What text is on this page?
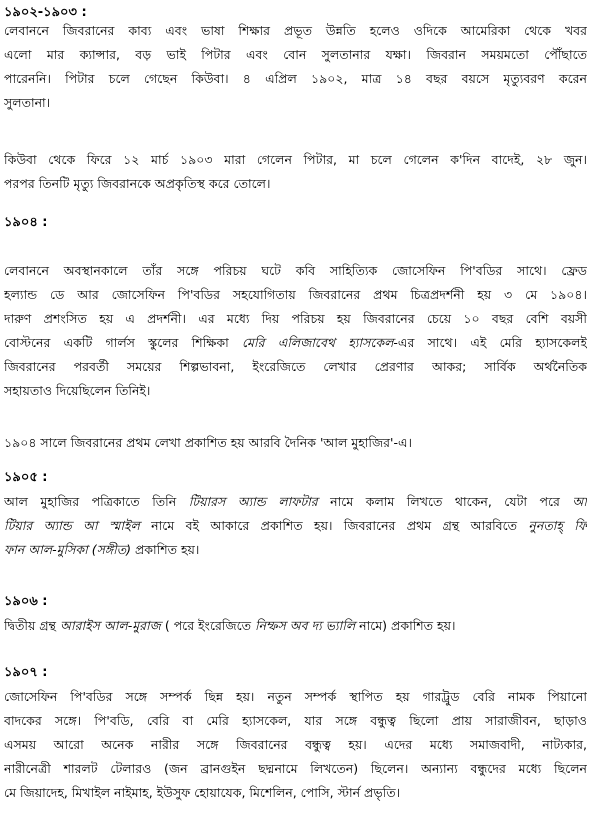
১৯০২-১৯০৩ :
লেবাননে জিবরানের কাব্য এবং ভাষা শিক্ষার প্রভূত উন্নতি হলেও ওদিকে আমেরিকা থেকে খবর
এলো মার ক্যান্সার, বড় ভাই পিটার এবং বোন সুলতানার যক্ষা। জিবরান সময়মতো পৌঁছাতে
পারেননি। পিটার চলে গেছেন কিউবা। ৪ এপ্রিল ১৯০২, মাত্র ১৪ বছর বয়সে মৃত্যুবরণ করেন
সুলতানা।
কিউবা থেকে ফিরে ১২ মার্চ ১৯০৩ মারা গেলেন পিটার, মা চলে গেলেন ক'দিন বাদেই, ২৮ জুন।
পরপর তিনটি মৃত্যু জিবরানকে অপ্রকৃতিস্থ করে তোলে।
১৯০৪ :
লেবাননে অবস্থানকালে তাঁর সঙ্গে পরিচয় ঘটে কবি সাহিত্যিক জোসেফিন পি'বডির সাথে। ফ্রেড
হল্যান্ড ডে আর জোসেফিন পি'বডির সহযোগিতায় জিবরানের প্রথম চিত্রপ্রদর্শনী হয় ৩ মে ১৯০৪।
দারুণ প্রশংসিত হয় এ প্রদর্শনী। এর মধ্যে দিয় পরিচয় হয় জিবরানের চেয়ে ১০ বছর বেশি বয়সী
বোস্টনের একটি গার্লস স্কুলের শিক্ষিকা মেরি এলিজাবেথ হ্যাসকেল-এর সাথে। এই মেরি হ্যাসকেলই
জিবরানের পরবর্তী সময়ের শিল্পভাবনা, ইংরেজিতে লেখার প্রেরণার আকর; সার্বিক অর্থনৈতিক
সহায়তাও দিয়েছিলেন তিনিই।
১৯০৪ সালে জিবরানের প্রথম লেখা প্রকাশিত হয় আরবি দৈনিক 'আল মুহাজির'-এ।
১৯০৫ :
আল মুহাজির পত্রিকাতে তিনি টিয়ারস অ্যান্ড লাফটার নামে কলাম লিখতে থাকেন, যেটা পরে আ
টিয়ার অ্যান্ড আ স্মাইল নামে বই আকারে প্রকাশিত হয়। জিবরানের প্রথম গ্রন্থ আরবিতে নুনতাহ্ ফি
ফান আল-মুসিকা (সঙ্গীত) প্রকাশিত হয়।
১৯০৬ :
দ্বিতীয় গ্রন্থ আরাইস আল-মুরাজ ( পরে ইংরেজিতে নিম্ফস অব দ্য ভ্যালি নামে) প্রকাশিত হয়।
১৯০৭ :
জোসেফিন পি'বডির সঙ্গে সম্পর্ক ছিন্ন হয়। নতুন সম্পর্ক স্থাপিত হয় গারট্রুড বেরি নামক পিয়ানো
বাদকের সঙ্গে। পি'বডি, বেরি বা মেরি হ্যাসকেল, যার সঙ্গে বন্ধুত্ব ছিলো প্রায় সারাজীবন, ছাড়াও
এসময় আরো অনেক নারীর সঙ্গে জিবরানের বন্ধুত্ব হয়। এদের মধ্যে সমাজবাদী, নাট্যকার,
নারীনেত্রী শারলট টেলারও (জন ব্রানগুইন ছদ্মনামে লিখতেন) ছিলেন। অন্যান্য বন্ধুদের মধ্যে ছিলেন
মে জিয়াদেহ, মিখাইল নাইমাহ, ইউসুফ হোয়াযেক, মিশেলিন, পোসি, স্টার্ন প্রভৃতি।
